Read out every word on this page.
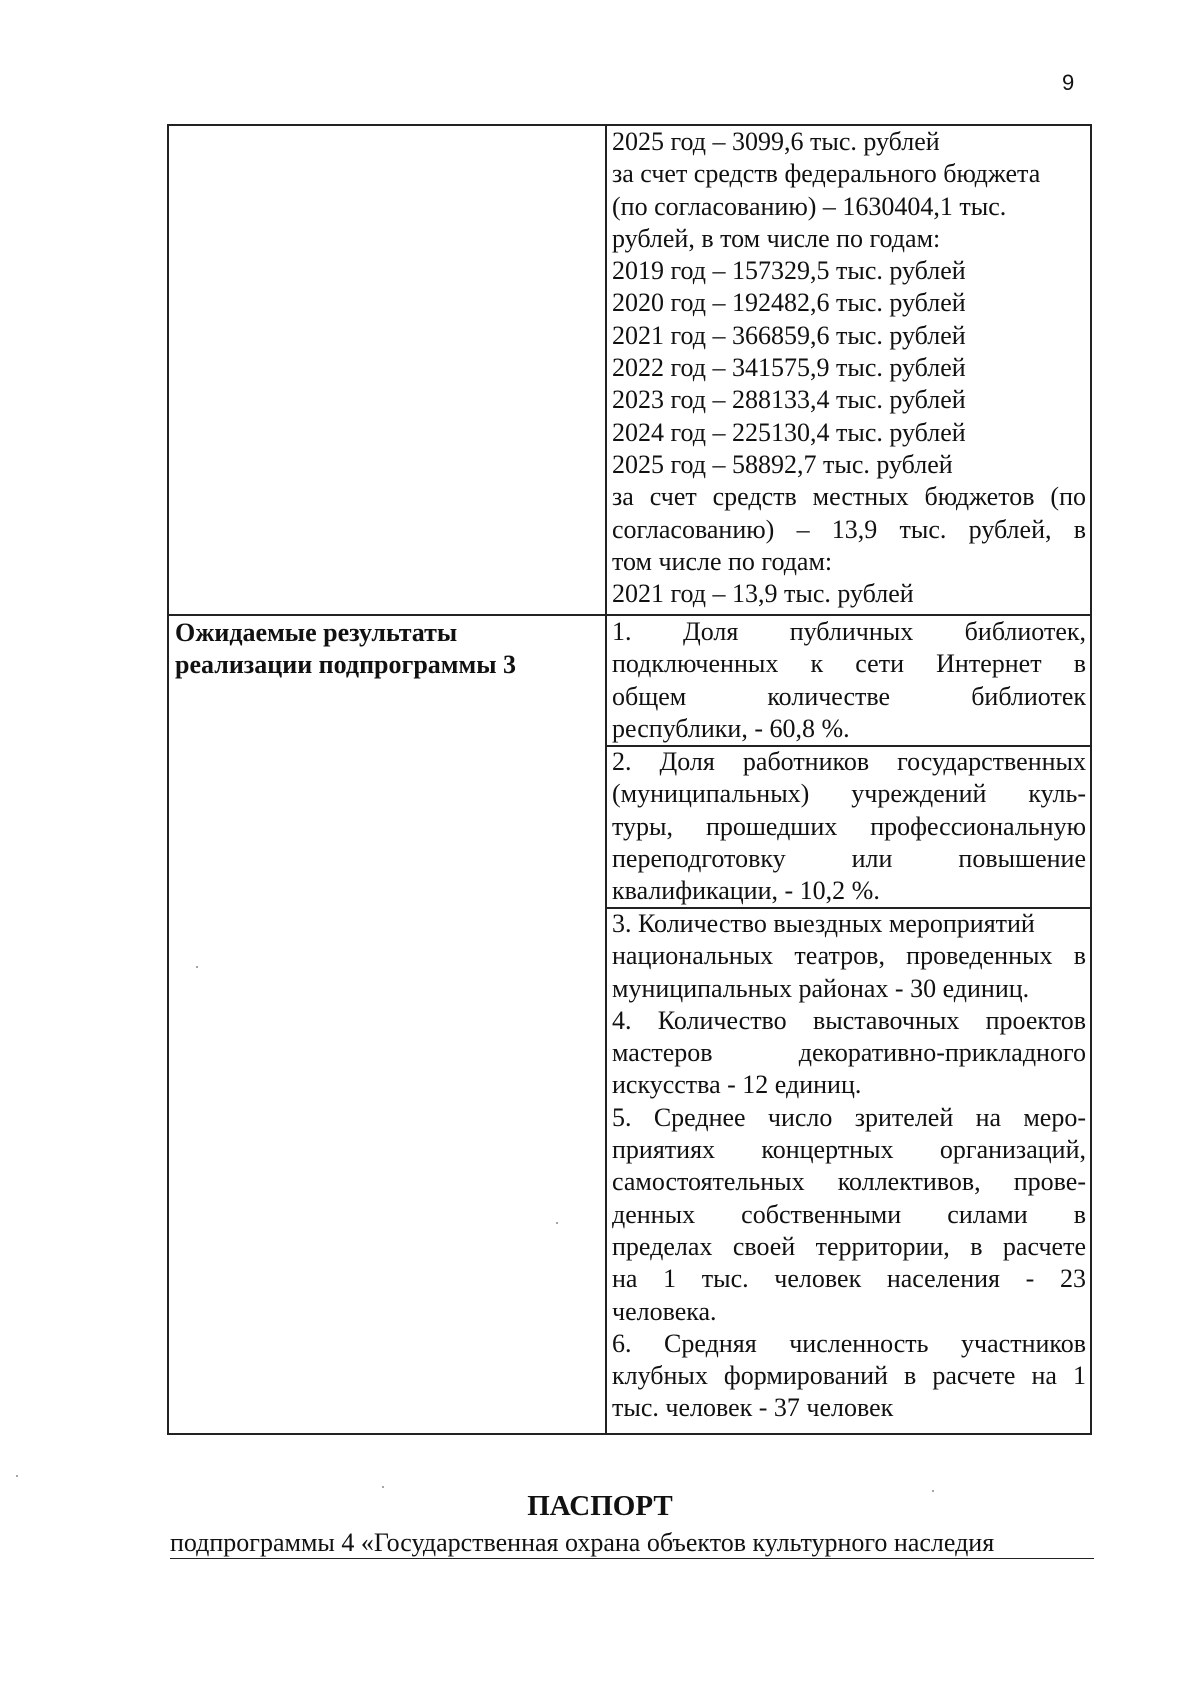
9
2025 год – 3099,6 тыс. рублей
за счет средств федерального бюджета
(по согласованию) – 1630404,1 тыс.
рублей, в том числе по годам:
2019 год – 157329,5 тыс. рублей
2020 год – 192482,6 тыс. рублей
2021 год – 366859,6 тыс. рублей
2022 год – 341575,9 тыс. рублей
2023 год – 288133,4 тыс. рублей
2024 год – 225130,4 тыс. рублей
2025 год – 58892,7 тыс. рублей
за счет средств местных бюджетов (по
согласованию) – 13,9 тыс. рублей, в
том числе по годам:
2021 год – 13,9 тыс. рублей
Ожидаемые результаты
реализации подпрограммы 3
1. Доля публичных библиотек,
подключенных к сети Интернет в
общем количестве библиотек
республики, - 60,8 %.
2. Доля работников государственных
(муниципальных) учреждений куль-
туры, прошедших профессиональную
переподготовку или повышение
квалификации, - 10,2 %.
3. Количество выездных мероприятий
национальных театров, проведенных в
муниципальных районах - 30 единиц.
4. Количество выставочных проектов
мастеров декоративно-прикладного
искусства - 12 единиц.
5. Среднее число зрителей на меро-
приятиях концертных организаций,
самостоятельных коллективов, прове-
денных собственными силами в
пределах своей территории, в расчете
на 1 тыс. человек населения - 23
человека.
6. Средняя численность участников
клубных формирований в расчете на 1
тыс. человек - 37 человек
ПАСПОРТ
подпрограммы 4 «Государственная охрана объектов культурного наследия
